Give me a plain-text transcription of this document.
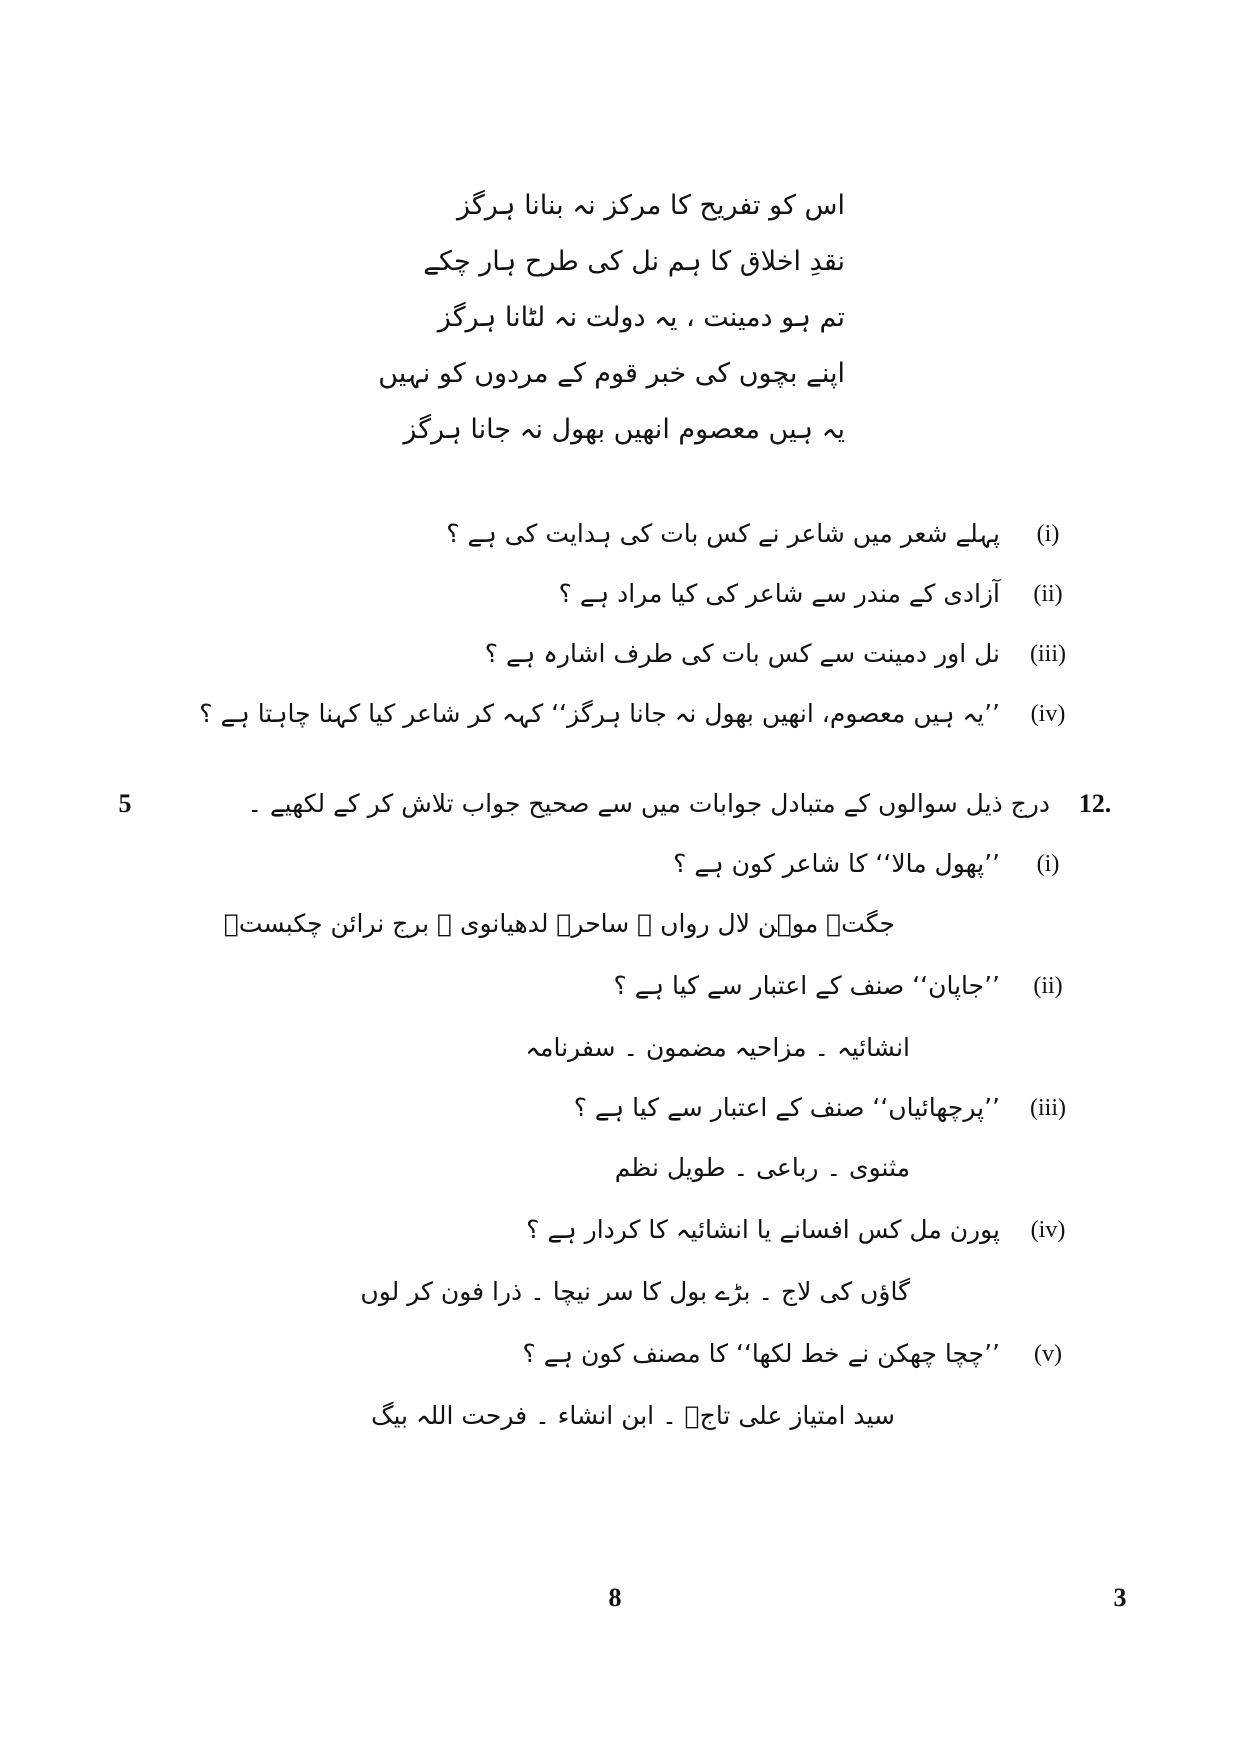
اس کو تفریح کا مرکز نہ بنانا ہرگز
نقدِ اخلاق کا ہم نل کی طرح ہار چکے
تم ہو دمینت ، یہ دولت نہ لٹانا ہرگز
اپنے بچوں کی خبر قوم کے مردوں کو نہیں
یہ ہیں معصوم انھیں بھول نہ جانا ہرگز
(i)
پہلے شعر میں شاعر نے کس بات کی ہدایت کی ہے ؟
(ii)
آزادی کے مندر سے شاعر کی کیا مراد ہے ؟
(iii)
نل اور دمینت سے کس بات کی طرف اشارہ ہے ؟
(iv)
’’یہ ہیں معصوم، انھیں بھول نہ جانا ہرگز‘‘ کہہ کر شاعر کیا کہنا چاہتا ہے ؟
5	12.
درج ذیل سوالوں کے متبادل جوابات میں سے صحیح جواب تلاش کر کے لکھیے ۔
(i)
’’پھول مالا‘‘ کا شاعر کون ہے ؟
جگتؔ موہن لال رواں ۔ ساحرؔ لدھیانوی ۔ برج نرائن چکبستؔ
(ii)
’’جاپان‘‘ صنف کے اعتبار سے کیا ہے ؟
انشائیہ ۔ مزاحیہ مضمون ۔ سفرنامہ
(iii)
’’پرچھائیاں‘‘ صنف کے اعتبار سے کیا ہے ؟
مثنوی ۔ رباعی ۔ طویل نظم
(iv)
پورن مل کس افسانے یا انشائیہ کا کردار ہے ؟
گاؤں کی لاج ۔ بڑے بول کا سر نیچا ۔ ذرا فون کر لوں
(v)
’’چچا چھکن نے خط لکھا‘‘ کا مصنف کون ہے ؟
سید امتیاز علی تاجؔ ۔ ابن انشاء ۔ فرحت اللہ بیگ
8	3
